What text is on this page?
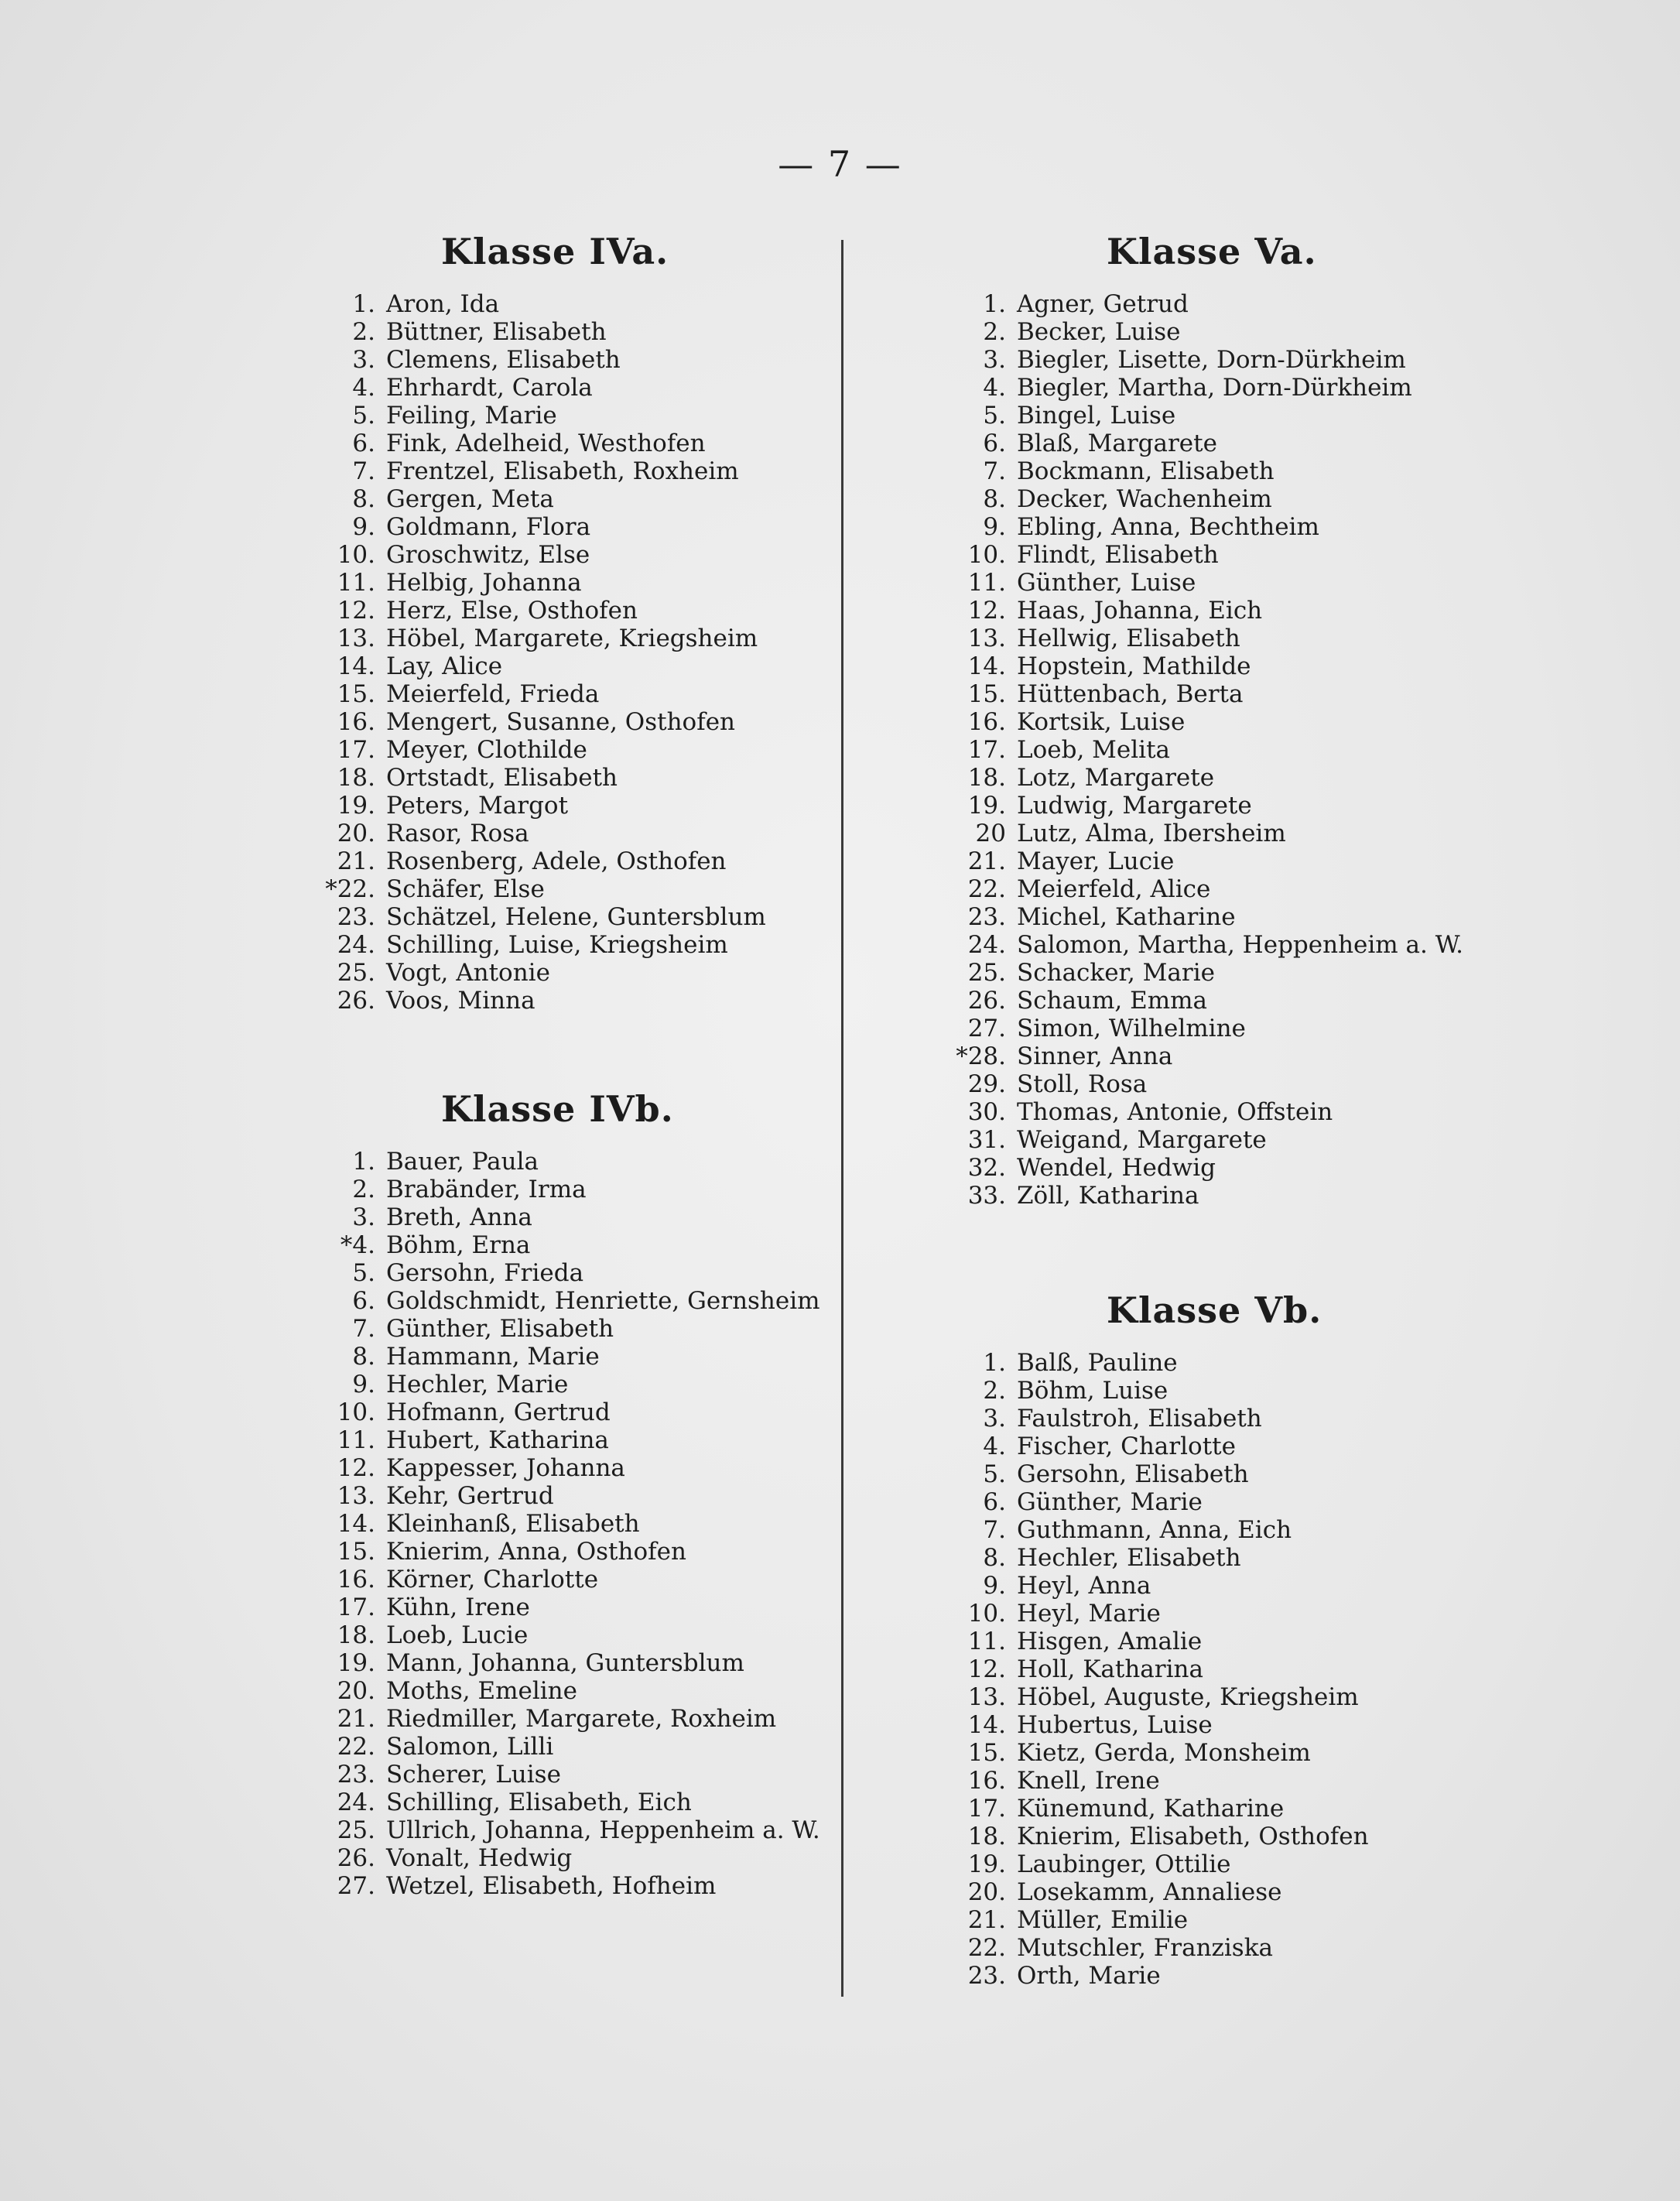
— 7 —
Klasse IVa.
1. Aron, Ida
2. Büttner, Elisabeth
3. Clemens, Elisabeth
4. Ehrhardt, Carola
5. Feiling, Marie
6. Fink, Adelheid, Westhofen
7. Frentzel, Elisabeth, Roxheim
8. Gergen, Meta
9. Goldmann, Flora
10. Groschwitz, Else
11. Helbig, Johanna
12. Herz, Else, Osthofen
13. Höbel, Margarete, Kriegsheim
14. Lay, Alice
15. Meierfeld, Frieda
16. Mengert, Susanne, Osthofen
17. Meyer, Clothilde
18. Ortstadt, Elisabeth
19. Peters, Margot
20. Rasor, Rosa
21. Rosenberg, Adele, Osthofen
*22. Schäfer, Else
23. Schätzel, Helene, Guntersblum
24. Schilling, Luise, Kriegsheim
25. Vogt, Antonie
26. Voos, Minna
Klasse IVb.
1. Bauer, Paula
2. Brabänder, Irma
3. Breth, Anna
*4. Böhm, Erna
5. Gersohn, Frieda
6. Goldschmidt, Henriette, Gernsheim
7. Günther, Elisabeth
8. Hammann, Marie
9. Hechler, Marie
10. Hofmann, Gertrud
11. Hubert, Katharina
12. Kappesser, Johanna
13. Kehr, Gertrud
14. Kleinhanß, Elisabeth
15. Knierim, Anna, Osthofen
16. Körner, Charlotte
17. Kühn, Irene
18. Loeb, Lucie
19. Mann, Johanna, Guntersblum
20. Moths, Emeline
21. Riedmiller, Margarete, Roxheim
22. Salomon, Lilli
23. Scherer, Luise
24. Schilling, Elisabeth, Eich
25. Ullrich, Johanna, Heppenheim a. W.
26. Vonalt, Hedwig
27. Wetzel, Elisabeth, Hofheim
Klasse Va.
1. Agner, Getrud
2. Becker, Luise
3. Biegler, Lisette, Dorn-Dürkheim
4. Biegler, Martha, Dorn-Dürkheim
5. Bingel, Luise
6. Blaß, Margarete
7. Bockmann, Elisabeth
8. Decker, Wachenheim
9. Ebling, Anna, Bechtheim
10. Flindt, Elisabeth
11. Günther, Luise
12. Haas, Johanna, Eich
13. Hellwig, Elisabeth
14. Hopstein, Mathilde
15. Hüttenbach, Berta
16. Kortsik, Luise
17. Loeb, Melita
18. Lotz, Margarete
19. Ludwig, Margarete
20 Lutz, Alma, Ibersheim
21. Mayer, Lucie
22. Meierfeld, Alice
23. Michel, Katharine
24. Salomon, Martha, Heppenheim a. W.
25. Schacker, Marie
26. Schaum, Emma
27. Simon, Wilhelmine
*28. Sinner, Anna
29. Stoll, Rosa
30. Thomas, Antonie, Offstein
31. Weigand, Margarete
32. Wendel, Hedwig
33. Zöll, Katharina
Klasse Vb.
1. Balß, Pauline
2. Böhm, Luise
3. Faulstroh, Elisabeth
4. Fischer, Charlotte
5. Gersohn, Elisabeth
6. Günther, Marie
7. Guthmann, Anna, Eich
8. Hechler, Elisabeth
9. Heyl, Anna
10. Heyl, Marie
11. Hisgen, Amalie
12. Holl, Katharina
13. Höbel, Auguste, Kriegsheim
14. Hubertus, Luise
15. Kietz, Gerda, Monsheim
16. Knell, Irene
17. Künemund, Katharine
18. Knierim, Elisabeth, Osthofen
19. Laubinger, Ottilie
20. Losekamm, Annaliese
21. Müller, Emilie
22. Mutschler, Franziska
23. Orth, Marie
